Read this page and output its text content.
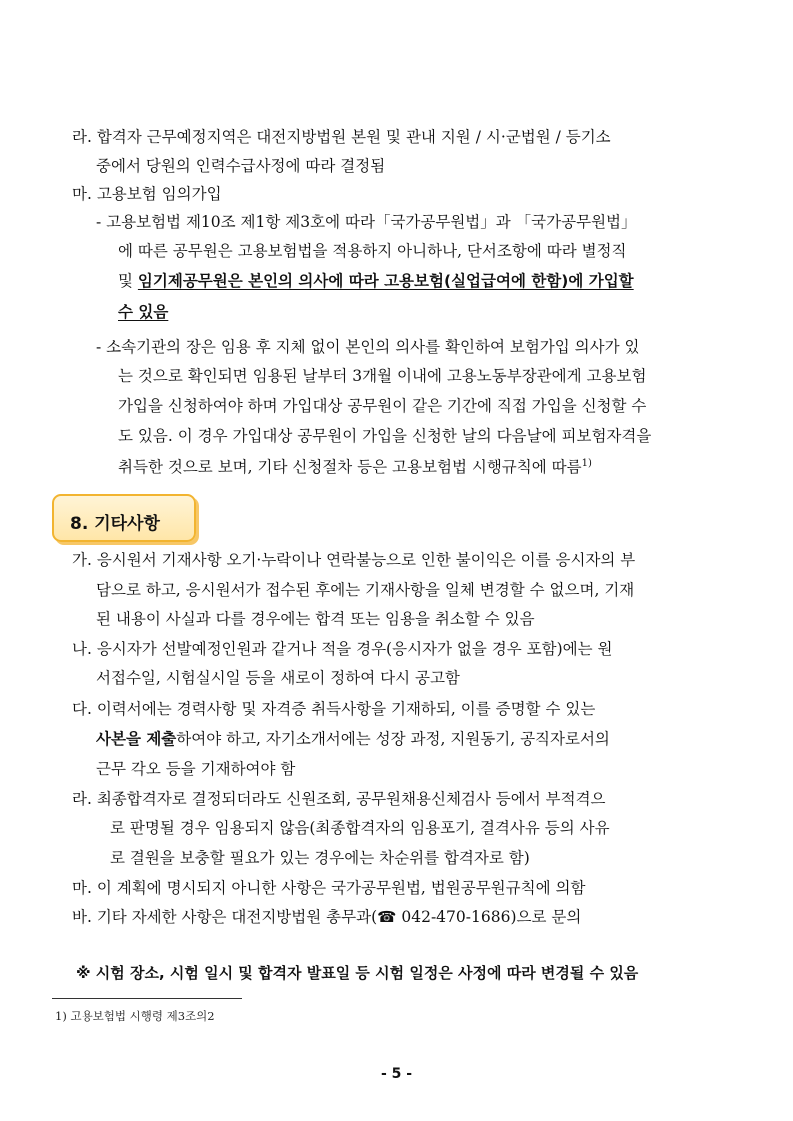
라. 합격자 근무예정지역은 대전지방법원 본원 및 관내 지원 / 시·군법원 / 등기소
중에서 당원의 인력수급사정에 따라 결정됨
마. 고용보험 임의가입
- 고용보험법 제10조 제1항 제3호에 따라「국가공무원법」과 「국가공무원법」
에 따른 공무원은 고용보험법을 적용하지 아니하나, 단서조항에 따라 별정직
및 임기제공무원은 본인의 의사에 따라 고용보험(실업급여에 한함)에 가입할
수 있음
- 소속기관의 장은 임용 후 지체 없이 본인의 의사를 확인하여 보험가입 의사가 있
는 것으로 확인되면 임용된 날부터 3개월 이내에 고용노동부장관에게 고용보험
가입을 신청하여야 하며 가입대상 공무원이 같은 기간에 직접 가입을 신청할 수
도 있음. 이 경우 가입대상 공무원이 가입을 신청한 날의 다음날에 피보험자격을
취득한 것으로 보며, 기타 신청절차 등은 고용보험법 시행규칙에 따름$^{1)}$
8. 기타사항
가. 응시원서 기재사항 오기·누락이나 연락불능으로 인한 불이익은 이를 응시자의 부
담으로 하고, 응시원서가 접수된 후에는 기재사항을 일체 변경할 수 없으며, 기재
된 내용이 사실과 다를 경우에는 합격 또는 임용을 취소할 수 있음
나. 응시자가 선발예정인원과 같거나 적을 경우(응시자가 없을 경우 포함)에는 원
서접수일, 시험실시일 등을 새로이 정하여 다시 공고함
다. 이력서에는 경력사항 및 자격증 취득사항을 기재하되, 이를 증명할 수 있는
사본을 제출하여야 하고, 자기소개서에는 성장 과정, 지원동기, 공직자로서의
근무 각오 등을 기재하여야 함
라. 최종합격자로 결정되더라도 신원조회, 공무원채용신체검사 등에서 부적격으
로 판명될 경우 임용되지 않음(최종합격자의 임용포기, 결격사유 등의 사유
로 결원을 보충할 필요가 있는 경우에는 차순위를 합격자로 함)
마. 이 계획에 명시되지 아니한 사항은 국가공무원법, 법원공무원규칙에 의함
바. 기타 자세한 사항은 대전지방법원 총무과(☎ 042-470-1686)으로 문의
※ 시험 장소, 시험 일시 및 합격자 발표일 등 시험 일정은 사정에 따라 변경될 수 있음
1) 고용보험법 시행령 제3조의2
- 5 -
